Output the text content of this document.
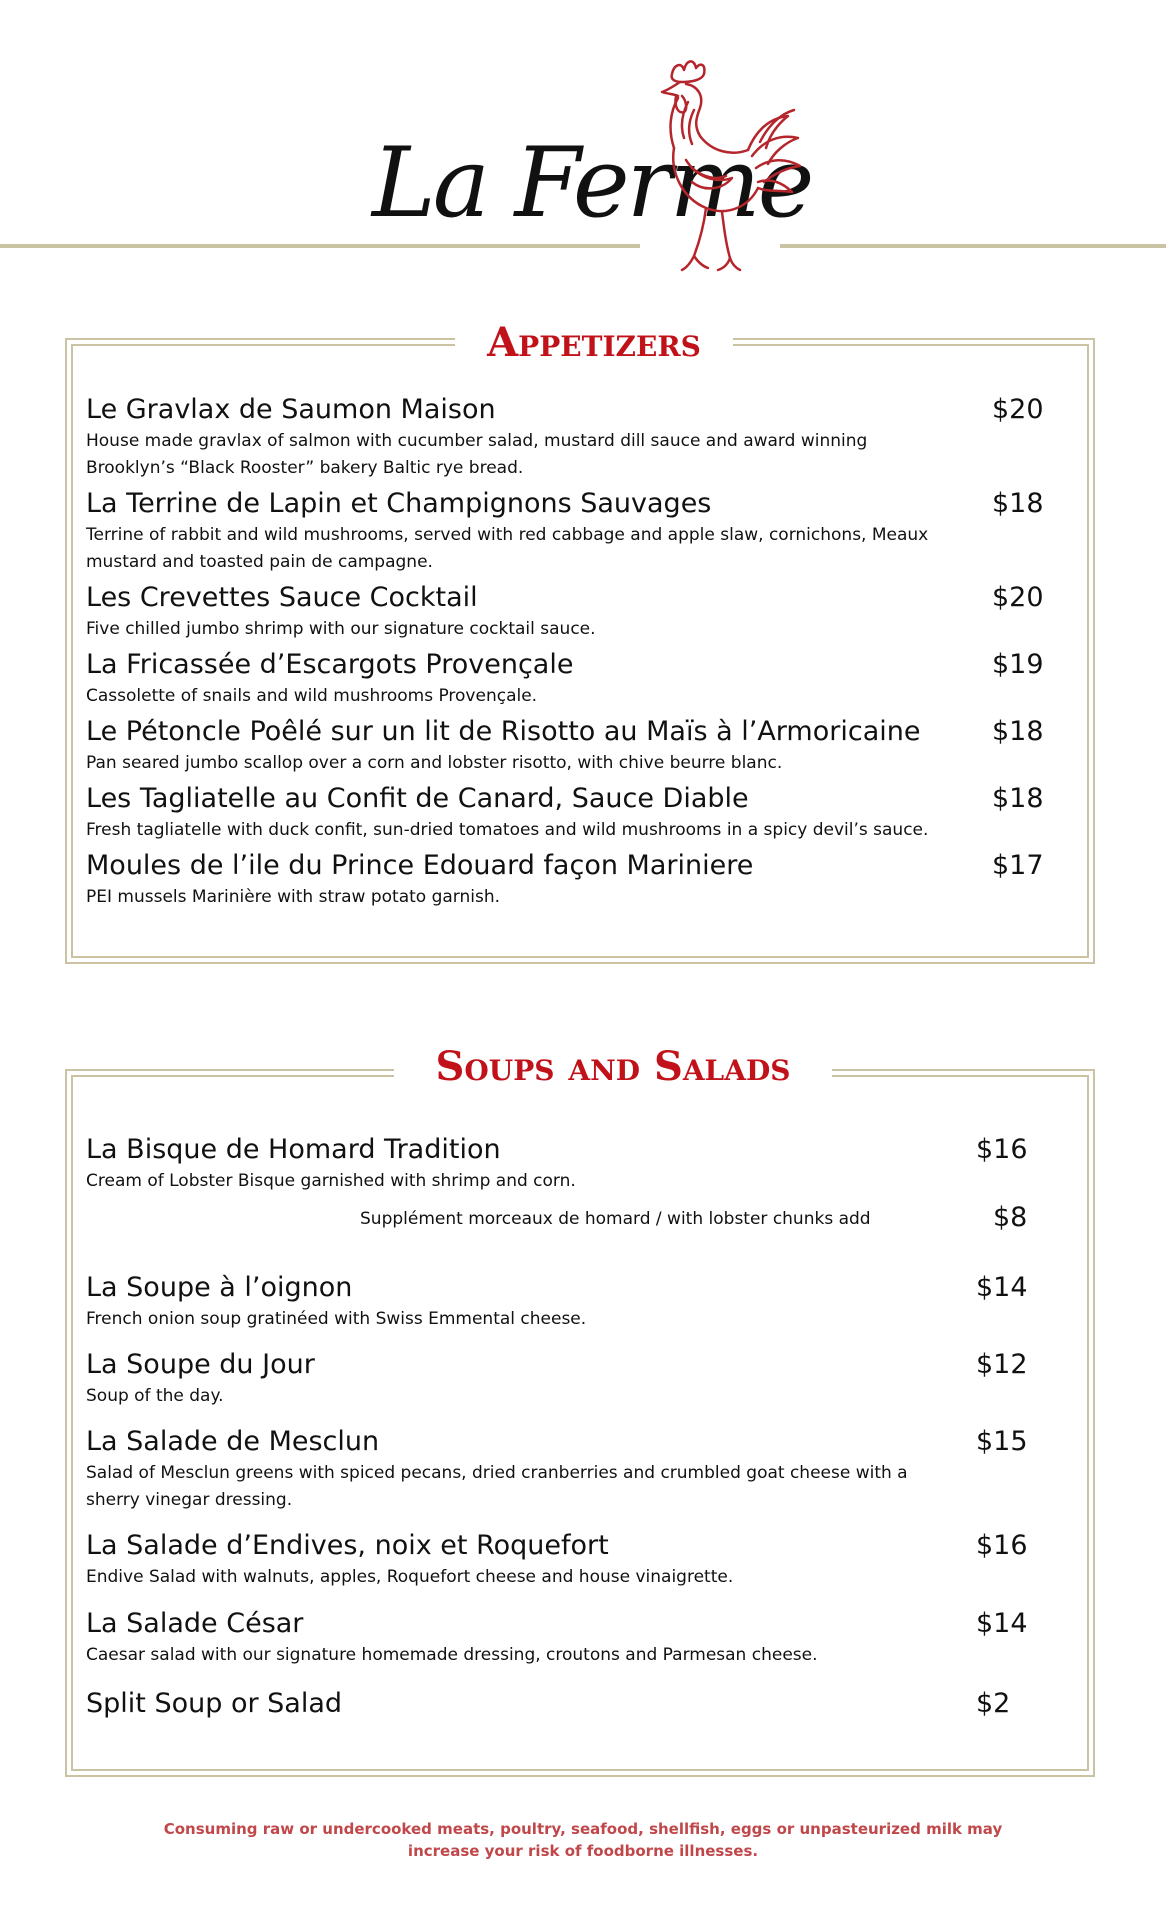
La Ferme
Appetizers
Le Gravlax de Saumon Maison
House made gravlax of salmon with cucumber salad, mustard dill sauce and award winning Brooklyn’s “Black Rooster” bakery Baltic rye bread.
$20
La Terrine de Lapin et Champignons Sauvages
Terrine of rabbit and wild mushrooms, served with red cabbage and apple slaw, cornichons, Meaux mustard and toasted pain de campagne.
$18
Les Crevettes Sauce Cocktail
Five chilled jumbo shrimp with our signature cocktail sauce.
$20
La Fricassée d’Escargots Provençale
Cassolette of snails and wild mushrooms Provençale.
$19
Le Pétoncle Poêlé sur un lit de Risotto au Maïs à l’Armoricaine
Pan seared jumbo scallop over a corn and lobster risotto, with chive beurre blanc.
$18
Les Tagliatelle au Confit de Canard, Sauce Diable
Fresh tagliatelle with duck confit, sun-dried tomatoes and wild mushrooms in a spicy devil’s sauce.
$18
Moules de l’ile du Prince Edouard façon Mariniere
PEI mussels Marinière with straw potato garnish.
$17
Soups and Salads
La Bisque de Homard Tradition
Cream of Lobster Bisque garnished with shrimp and corn.
$16
Supplément morceaux de homard / with lobster chunks add	$8
La Soupe à l’oignon
French onion soup gratinéed with Swiss Emmental cheese.
$14
La Soupe du Jour
Soup of the day.
$12
La Salade de Mesclun
Salad of Mesclun greens with spiced pecans, dried cranberries and crumbled goat cheese with a sherry vinegar dressing.
$15
La Salade d’Endives, noix et Roquefort
Endive Salad with walnuts, apples, Roquefort cheese and house vinaigrette.
$16
La Salade César
Caesar salad with our signature homemade dressing, croutons and Parmesan cheese.
$14
Split Soup or Salad	$2
Consuming raw or undercooked meats, poultry, seafood, shellfish, eggs or unpasteurized milk may
increase your risk of foodborne illnesses.
